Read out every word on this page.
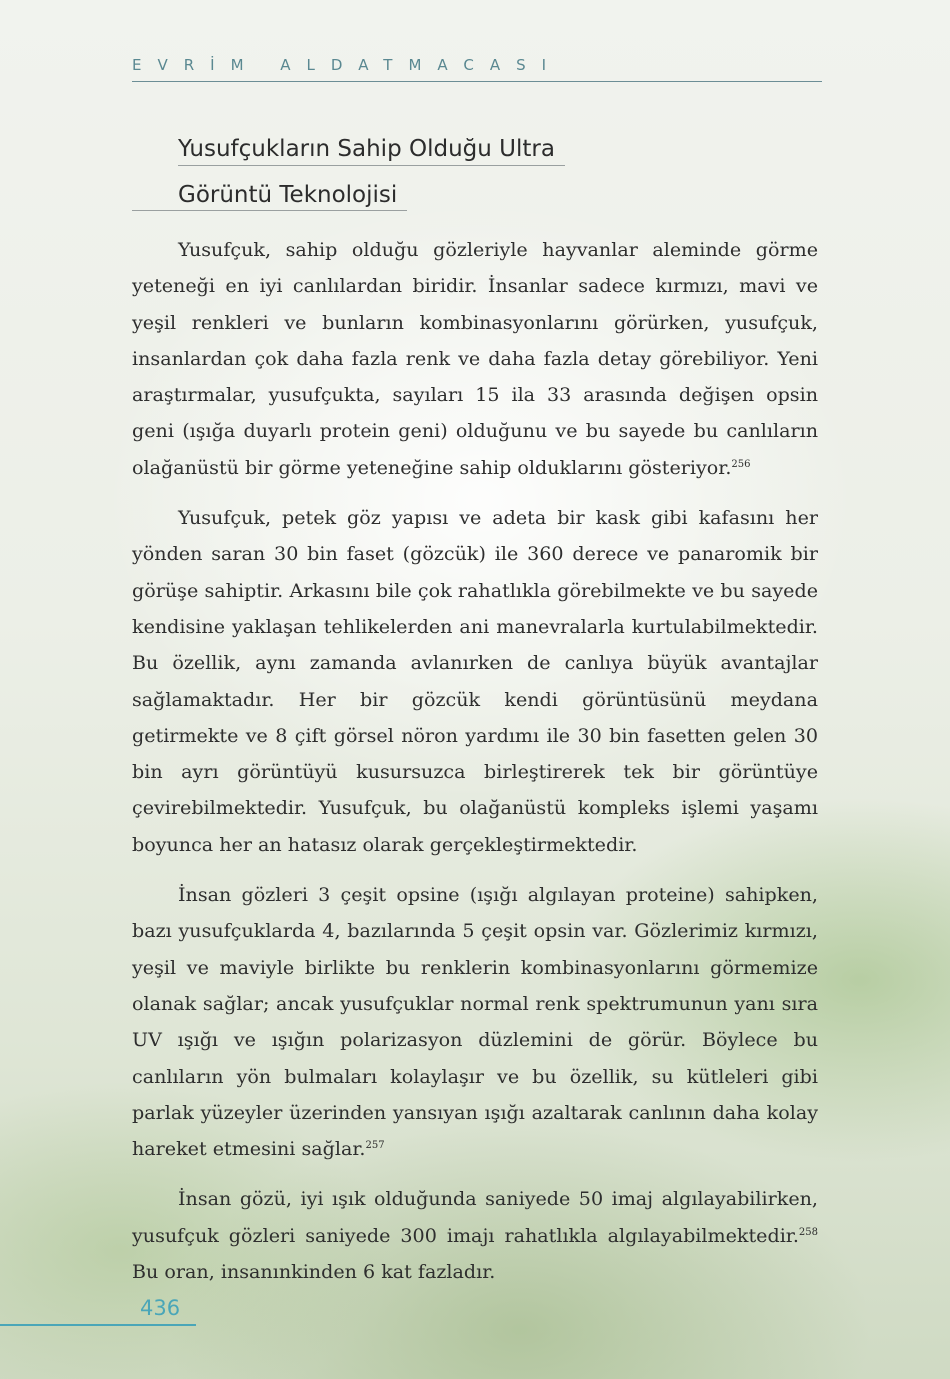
EVRİM ALDATMACASI
Yusufçukların Sahip Olduğu Ultra
Görüntü Teknolojisi

Yusufçuk, sahip olduğu gözleriyle hayvanlar aleminde görme yeteneği en iyi canlılardan biridir. İnsanlar sadece kırmızı, mavi ve yeşil renkleri ve bunların kombinasyonlarını görürken, yusufçuk, insanlardan çok daha fazla renk ve daha fazla detay görebiliyor. Yeni araştırmalar, yusufçukta, sayıları 15 ila 33 arasında değişen opsin geni (ışığa duyarlı protein geni) olduğunu ve bu sayede bu canlıların olağanüstü bir görme yeteneğine sahip olduklarını gösteriyor.$^{256}$

Yusufçuk, petek göz yapısı ve adeta bir kask gibi kafasını her yönden saran 30 bin faset (gözcük) ile 360 derece ve panaromik bir görüşe sahiptir. Arkasını bile çok rahatlıkla görebilmekte ve bu sayede kendisine yaklaşan tehlikelerden ani manevralarla kurtulabilmektedir. Bu özellik, aynı zamanda avlanırken de canlıya büyük avantajlar sağlamaktadır. Her bir gözcük kendi görüntüsünü meydana getirmekte ve 8 çift görsel nöron yardımı ile 30 bin fasetten gelen 30 bin ayrı görüntüyü kusursuzca birleştirerek tek bir görüntüye çevirebilmektedir. Yusufçuk, bu olağanüstü kompleks işlemi yaşamı boyunca her an hatasız olarak gerçekleştirmektedir.

İnsan gözleri 3 çeşit opsine (ışığı algılayan proteine) sahipken, bazı yusufçuklarda 4, bazılarında 5 çeşit opsin var. Gözlerimiz kırmızı, yeşil ve maviyle birlikte bu renklerin kombinasyonlarını görmemize olanak sağlar; ancak yusufçuklar normal renk spektrumunun yanı sıra UV ışığı ve ışığın polarizasyon düzlemini de görür. Böylece bu canlıların yön bulmaları kolaylaşır ve bu özellik, su kütleleri gibi parlak yüzeyler üzerinden yansıyan ışığı azaltarak canlının daha kolay hareket etmesini sağlar.$^{257}$

İnsan gözü, iyi ışık olduğunda saniyede 50 imaj algılayabilirken, yusufçuk gözleri saniyede 300 imajı rahatlıkla algılayabilmektedir.$^{258}$ Bu oran, insanınkinden 6 kat fazladır.

436
